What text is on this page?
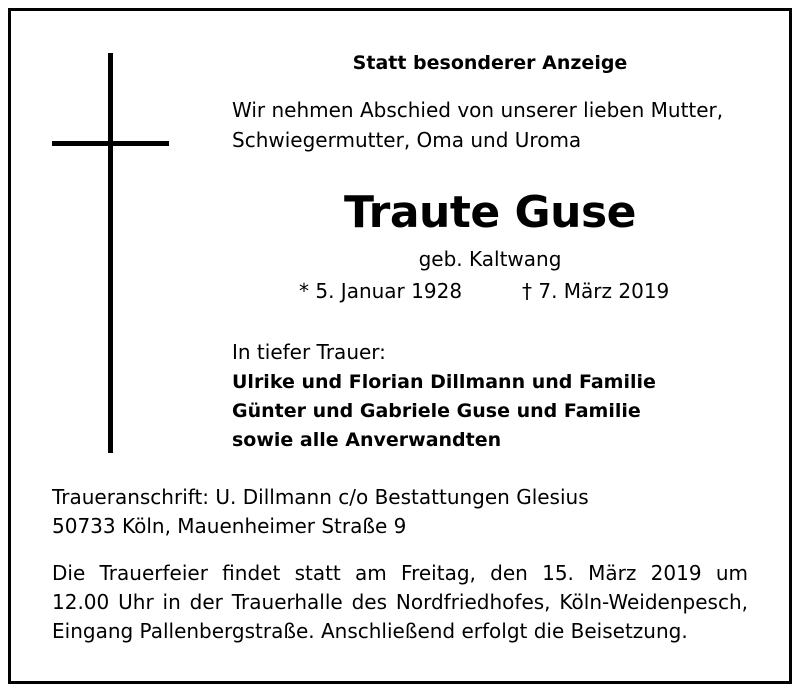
Statt besonderer Anzeige
Wir nehmen Abschied von unserer lieben Mutter,
Schwiegermutter, Oma und Uroma
Traute Guse
geb. Kaltwang
* 5. Januar 1928	† 7. März 2019
In tiefer Trauer:
Ulrike und Florian Dillmann und Familie
Günter und Gabriele Guse und Familie
sowie alle Anverwandten
Traueranschrift: U. Dillmann c/o Bestattungen Glesius
50733 Köln, Mauenheimer Straße 9
Die Trauerfeier findet statt am Freitag, den 15. März 2019 um
12.00 Uhr in der Trauerhalle des Nordfriedhofes, Köln-Weidenpesch,
Eingang Pallenbergstraße. Anschließend erfolgt die Beisetzung.
